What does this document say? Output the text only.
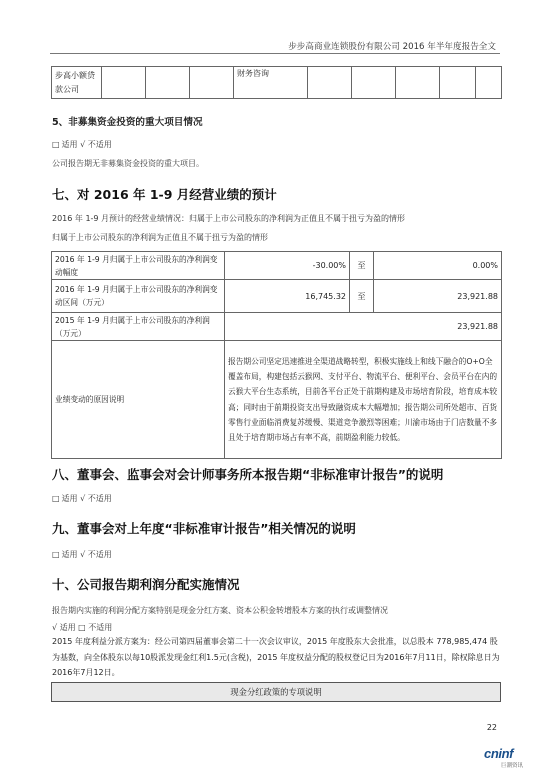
步步高商业连锁股份有限公司 2016 年半年度报告全文
步高小额贷款公司				财务咨询					
5、非募集资金投资的重大项目情况
□ 适用 √ 不适用
公司报告期无非募集资金投资的重大项目。
七、对 2016 年 1-9 月经营业绩的预计
2016 年 1-9 月预计的经营业绩情况：归属于上市公司股东的净利润为正值且不属于扭亏为盈的情形
归属于上市公司股东的净利润为正值且不属于扭亏为盈的情形
2016 年 1-9 月归属于上市公司股东的净利润变动幅度	-30.00%	至	0.00%
2016 年 1-9 月归属于上市公司股东的净利润变动区间（万元）	16,745.32	至	23,921.88
2015 年 1-9 月归属于上市公司股东的净利润（万元）	23,921.88		
业绩变动的原因说明	报告期公司坚定迅速推进全渠道战略转型，积极实施线上和线下融合的O+O全覆盖布局，构建包括云猴网、支付平台、物流平台、便利平台、会员平台在内的云猴大平台生态系统，目前各平台正处于前期构建及市场培育阶段，培育成本较高；同时由于前期投资支出导致融资成本大幅增加；报告期公司所处超市、百货零售行业面临消费复苏缓慢、渠道竞争激烈等困难；川渝市场由于门店数量不多且处于培育期市场占有率不高，前期盈利能力较低。		
八、董事会、监事会对会计师事务所本报告期“非标准审计报告”的说明
□ 适用 √ 不适用
九、董事会对上年度“非标准审计报告”相关情况的说明
□ 适用 √ 不适用
十、公司报告期利润分配实施情况
报告期内实施的利润分配方案特别是现金分红方案、资本公积金转增股本方案的执行或调整情况
√ 适用 □ 不适用
2015 年度利益分派方案为：经公司第四届董事会第二十一次会议审议，2015 年度股东大会批准，以总股本 778,985,474 股为基数，向全体股东以每10股派发现金红利1.5元(含税)，2015 年度权益分配的股权登记日为2016年7月11日，除权除息日为2016年7月12日。
现金分红政策的专项说明
22
cninf
巨潮资讯
